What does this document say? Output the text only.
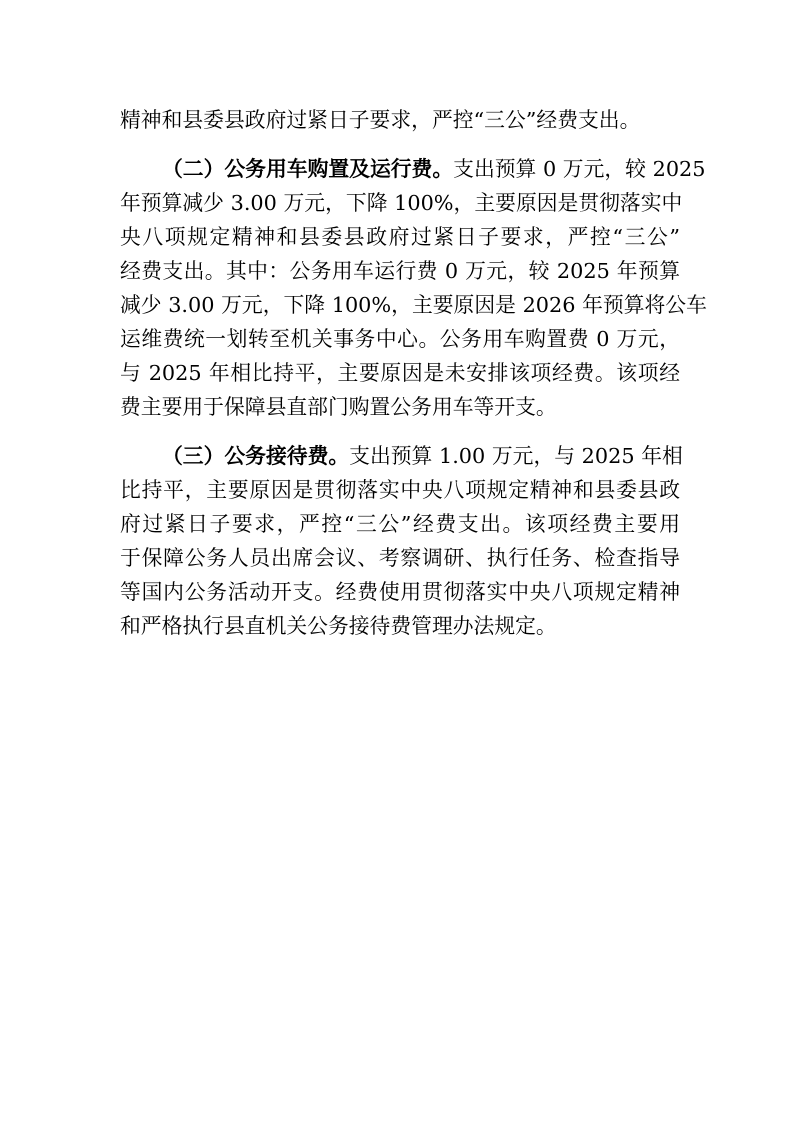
精神和县委县政府过紧日子要求，严控“三公”经费支出。
（二）公务用车购置及运行费。支出预算 0 万元，较 2025
年预算减少 3.00 万元，下降 100%，主要原因是贯彻落实中
央八项规定精神和县委县政府过紧日子要求，严控“三公”
经费支出。其中：公务用车运行费 0 万元，较 2025 年预算
减少 3.00 万元，下降 100%，主要原因是 2026 年预算将公车
运维费统一划转至机关事务中心。公务用车购置费 0 万元，
与 2025 年相比持平，主要原因是未安排该项经费。该项经
费主要用于保障县直部门购置公务用车等开支。
（三）公务接待费。支出预算 1.00 万元，与 2025 年相
比持平，主要原因是贯彻落实中央八项规定精神和县委县政
府过紧日子要求，严控“三公”经费支出。该项经费主要用
于保障公务人员出席会议、考察调研、执行任务、检查指导
等国内公务活动开支。经费使用贯彻落实中央八项规定精神
和严格执行县直机关公务接待费管理办法规定。
